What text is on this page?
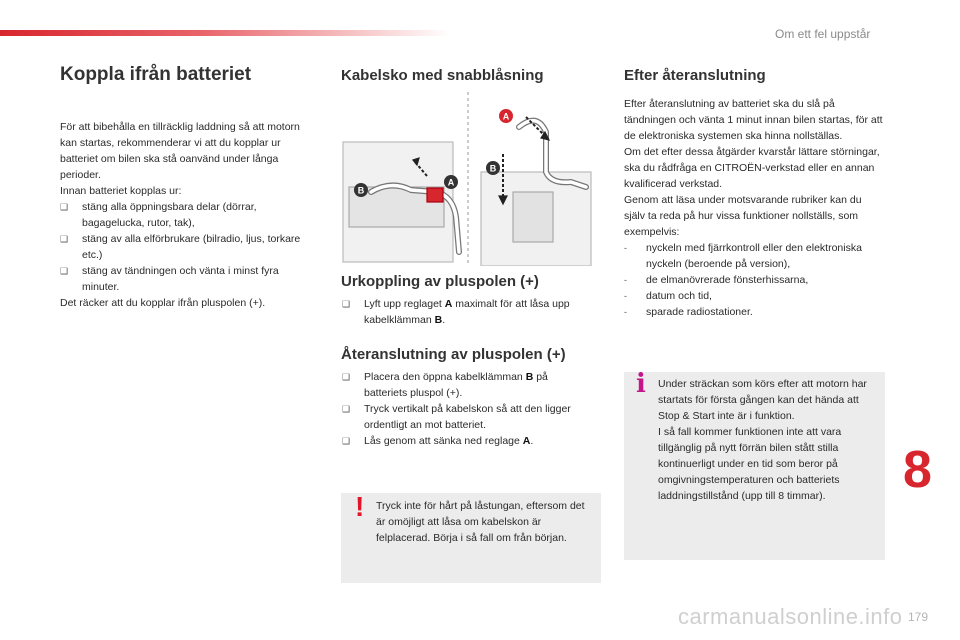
Om ett fel uppstår
Koppla ifrån batteriet
För att bibehålla en tillräcklig laddning så att motorn kan startas, rekommenderar vi att du kopplar ur batteriet om bilen ska stå oanvänd under långa perioder.
Innan batteriet kopplas ur:
❑	stäng alla öppningsbara delar (dörrar, bagagelucka, rutor, tak),
❑	stäng av alla elförbrukare (bilradio, ljus, torkare etc.)
❑	stäng av tändningen och vänta i minst fyra minuter.
Det räcker att du kopplar ifrån pluspolen (+).
Kabelsko med snabblåsning
B
A
A
B
Urkoppling av pluspolen (+)
❑	Lyft upp reglaget A maximalt för att låsa upp kabelklämman B.
Återanslutning av pluspolen (+)
❑	Placera den öppna kabelklämman B på batteriets pluspol (+).
❑	Tryck vertikalt på kabelskon så att den ligger ordentligt an mot batteriet.
❑	Lås genom att sänka ned reglage A.
! Tryck inte för hårt på låstungan, eftersom det är omöjligt att låsa om kabelskon är felplacerad. Börja i så fall om från början.
Efter återanslutning
Efter återanslutning av batteriet ska du slå på tändningen och vänta 1 minut innan bilen startas, för att de elektroniska systemen ska hinna nollställas.
Om det efter dessa åtgärder kvarstår lättare störningar, ska du rådfråga en CITROËN-verkstad eller en annan kvalificerad verkstad.
Genom att läsa under motsvarande rubriker kan du själv ta reda på hur vissa funktioner nollställs, som exempelvis:
-	nyckeln med fjärrkontroll eller den elektroniska nyckeln (beroende på version),
-	de elmanövrerade fönsterhissarna,
-	datum och tid,
-	sparade radiostationer.
i Under sträckan som körs efter att motorn har startats för första gången kan det hända att Stop & Start inte är i funktion.
I så fall kommer funktionen inte att vara tillgänglig på nytt förrän bilen stått stilla kontinuerligt under en tid som beror på omgivningstemperaturen och batteriets laddningstillstånd (upp till 8 timmar).	8
carmanualsonline.info 179
